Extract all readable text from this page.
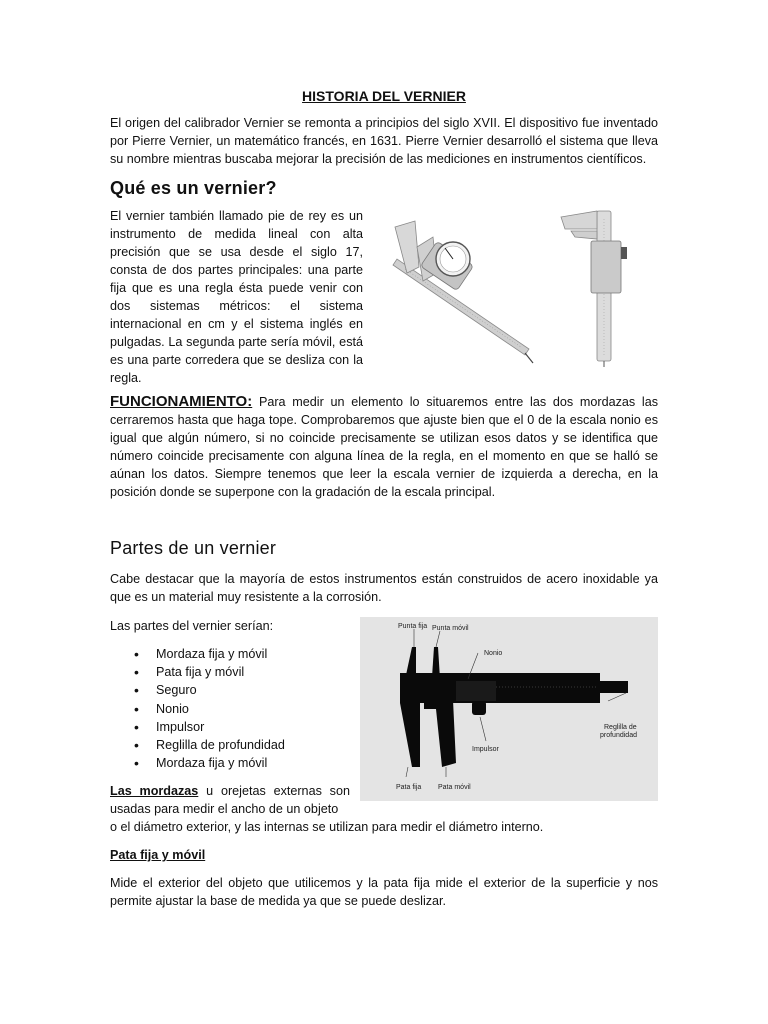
HISTORIA DEL VERNIER

El origen del calibrador Vernier se remonta a principios del siglo XVII. El dispositivo fue inventado por Pierre Vernier, un matemático francés, en 1631. Pierre Vernier desarrolló el sistema que lleva su nombre mientras buscaba mejorar la precisión de las mediciones en instrumentos científicos.

Qué es un vernier?

El vernier también llamado pie de rey es un instrumento de medida lineal con alta precisión que se usa desde el siglo 17, consta de dos partes principales: una parte fija que es una regla ésta puede venir con dos sistemas métricos: el sistema internacional en cm y el sistema inglés en pulgadas. La segunda parte sería móvil, está es una parte corredera que se desliza con la regla.

FUNCIONAMIENTO: Para medir un elemento lo situaremos entre las dos mordazas las cerraremos hasta que haga tope. Comprobaremos que ajuste bien que el 0 de la escala nonio es igual que algún número, si no coincide precisamente se utilizan esos datos y se identifica que número coincide precisamente con alguna línea de la regla, en el momento en que se halló se aúnan los datos. Siempre tenemos que leer la escala vernier de izquierda a derecha, en la posición donde se superpone con la gradación de la escala principal.

Partes de un vernier

Cabe destacar que la mayoría de estos instrumentos están construidos de acero inoxidable ya que es un material muy resistente a la corrosión.

Las partes del vernier serían:

• Mordaza fija y móvil
• Pata fija y móvil
• Seguro
• Nonio
• Impulsor
• Reglilla de profundidad
• Mordaza fija y móvil

Las mordazas u orejetas externas son usadas para medir el ancho de un objeto

Punta fija Punta móvil
Nonio
Reglilla de
profundidad
Impulsor
Pata fija Pata móvil

o el diámetro exterior, y las internas se utilizan para medir el diámetro interno.

Pata fija y móvil

Mide el exterior del objeto que utilicemos y la pata fija mide el exterior de la superficie y nos permite ajustar la base de medida ya que se puede deslizar.
